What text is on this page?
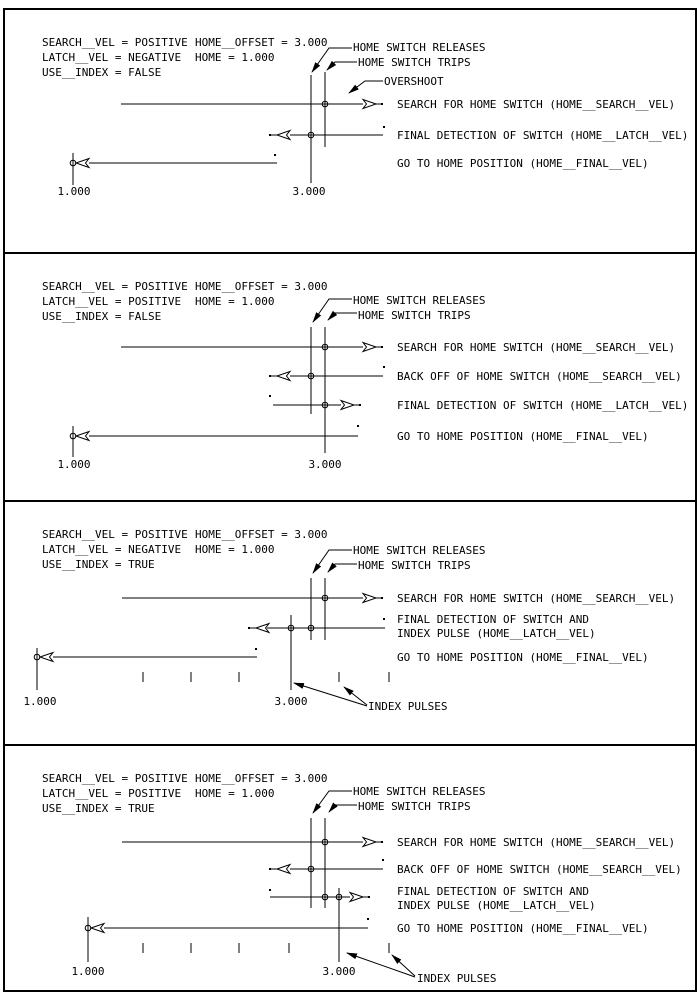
SEARCH__VEL = POSITIVE
LATCH__VEL = NEGATIVE
USE__INDEX = FALSE
HOME__OFFSET = 3.000
HOME = 1.000
HOME SWITCH RELEASES
HOME SWITCH TRIPS
OVERSHOOT
SEARCH FOR HOME SWITCH (HOME__SEARCH__VEL)
FINAL DETECTION OF SWITCH (HOME__LATCH__VEL)
GO TO HOME POSITION (HOME__FINAL__VEL)
1.000	3.000
SEARCH__VEL = POSITIVE
LATCH__VEL = POSITIVE
USE__INDEX = FALSE
HOME__OFFSET = 3.000
HOME = 1.000	HOME SWITCH RELEASES
HOME SWITCH TRIPS
SEARCH FOR HOME SWITCH (HOME__SEARCH__VEL)
BACK OFF OF HOME SWITCH (HOME__SEARCH__VEL)
FINAL DETECTION OF SWITCH (HOME__LATCH__VEL)
GO TO HOME POSITION (HOME__FINAL__VEL)
1.000	3.000
SEARCH__VEL = POSITIVE
LATCH__VEL = NEGATIVE
USE__INDEX = TRUE
HOME__OFFSET = 3.000
HOME = 1.000	HOME SWITCH RELEASES
HOME SWITCH TRIPS
SEARCH FOR HOME SWITCH (HOME__SEARCH__VEL)
FINAL DETECTION OF SWITCH AND
INDEX PULSE (HOME__LATCH__VEL)
GO TO HOME POSITION (HOME__FINAL__VEL)
INDEX PULSES
1.000	3.000
SEARCH__VEL = POSITIVE
LATCH__VEL = POSITIVE
USE__INDEX = TRUE
HOME__OFFSET = 3.000
HOME = 1.000	HOME SWITCH RELEASES
HOME SWITCH TRIPS
SEARCH FOR HOME SWITCH (HOME__SEARCH__VEL)
BACK OFF OF HOME SWITCH (HOME__SEARCH__VEL)
FINAL DETECTION OF SWITCH AND
INDEX PULSE (HOME__LATCH__VEL)
GO TO HOME POSITION (HOME__FINAL__VEL)
INDEX PULSES
1.000	3.000
